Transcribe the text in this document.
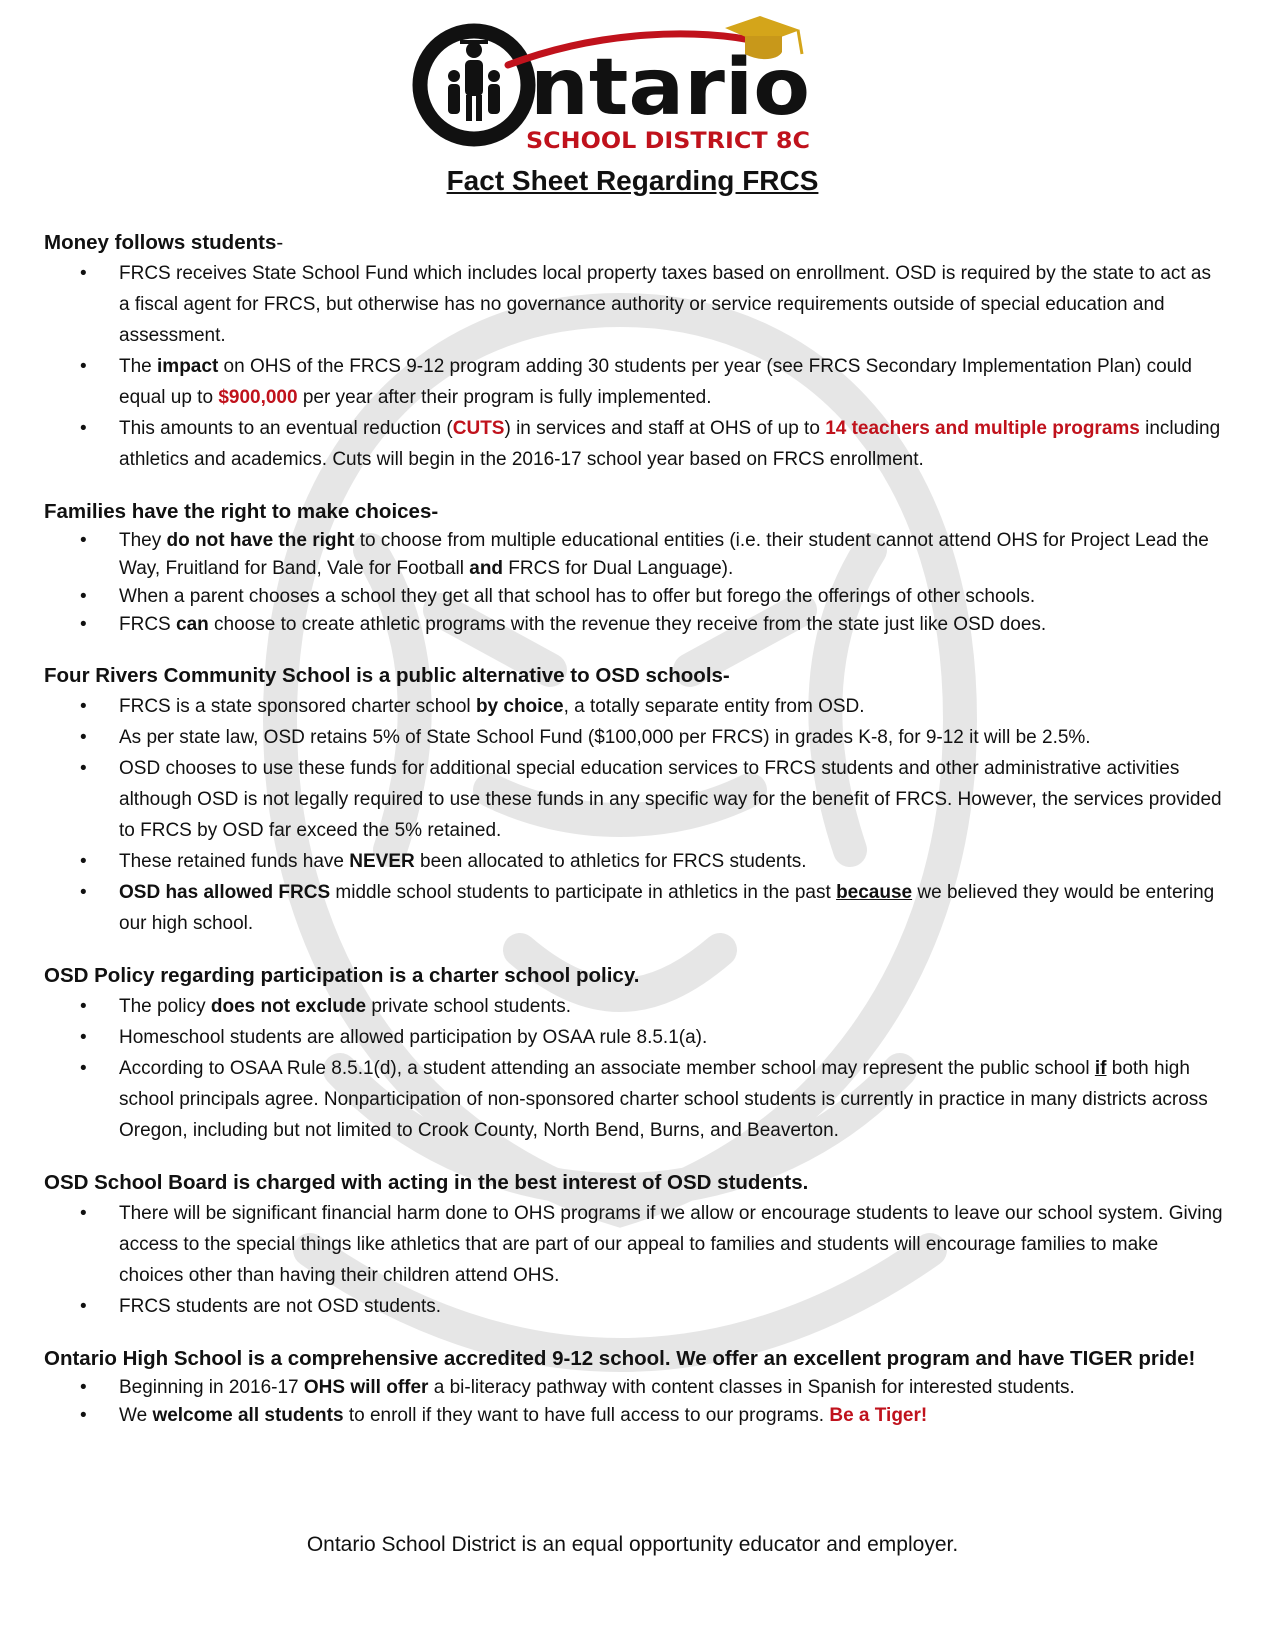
ntario
SCHOOL DISTRICT 8C
Fact Sheet Regarding FRCS
Money follows students-
• FRCS receives State School Fund which includes local property taxes based on enrollment. OSD is required by the state to act as a fiscal agent for FRCS, but otherwise has no governance authority or service requirements outside of special education and assessment.
• The impact on OHS of the FRCS 9-12 program adding 30 students per year (see FRCS Secondary Implementation Plan) could equal up to $900,000 per year after their program is fully implemented.
• This amounts to an eventual reduction (CUTS) in services and staff at OHS of up to 14 teachers and multiple programs including athletics and academics. Cuts will begin in the 2016-17 school year based on FRCS enrollment.
Families have the right to make choices-
• They do not have the right to choose from multiple educational entities (i.e. their student cannot attend OHS for Project Lead the Way, Fruitland for Band, Vale for Football and FRCS for Dual Language).
• When a parent chooses a school they get all that school has to offer but forego the offerings of other schools.
• FRCS can choose to create athletic programs with the revenue they receive from the state just like OSD does.
Four Rivers Community School is a public alternative to OSD schools-
• FRCS is a state sponsored charter school by choice, a totally separate entity from OSD.
• As per state law, OSD retains 5% of State School Fund ($100,000 per FRCS) in grades K-8, for 9-12 it will be 2.5%.
• OSD chooses to use these funds for additional special education services to FRCS students and other administrative activities although OSD is not legally required to use these funds in any specific way for the benefit of FRCS. However, the services provided to FRCS by OSD far exceed the 5% retained.
• These retained funds have NEVER been allocated to athletics for FRCS students.
• OSD has allowed FRCS middle school students to participate in athletics in the past because we believed they would be entering our high school.
OSD Policy regarding participation is a charter school policy.
• The policy does not exclude private school students.
• Homeschool students are allowed participation by OSAA rule 8.5.1(a).
• According to OSAA Rule 8.5.1(d), a student attending an associate member school may represent the public school if both high school principals agree. Nonparticipation of non-sponsored charter school students is currently in practice in many districts across Oregon, including but not limited to Crook County, North Bend, Burns, and Beaverton.
OSD School Board is charged with acting in the best interest of OSD students.
• There will be significant financial harm done to OHS programs if we allow or encourage students to leave our school system. Giving access to the special things like athletics that are part of our appeal to families and students will encourage families to make choices other than having their children attend OHS.
• FRCS students are not OSD students.
Ontario High School is a comprehensive accredited 9-12 school. We offer an excellent program and have TIGER pride!
• Beginning in 2016-17 OHS will offer a bi-literacy pathway with content classes in Spanish for interested students.
• We welcome all students to enroll if they want to have full access to our programs. Be a Tiger!
Ontario School District is an equal opportunity educator and employer.
